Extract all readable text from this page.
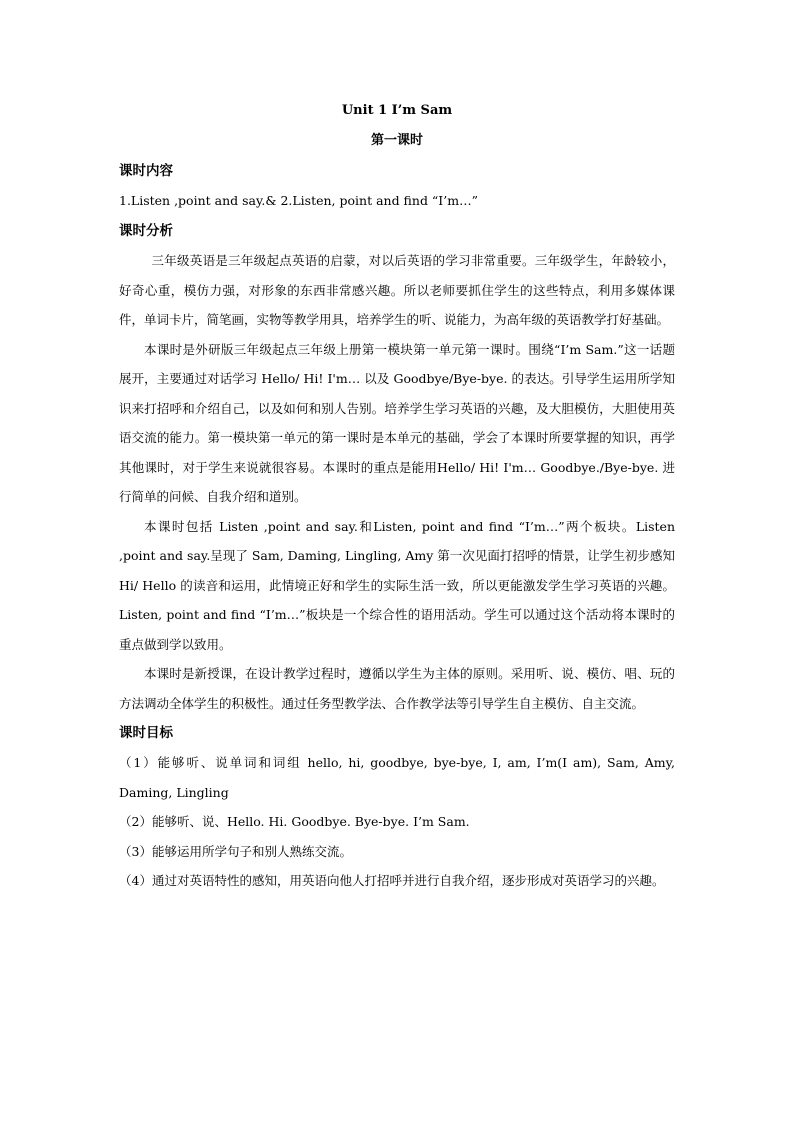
Unit 1 I’m Sam

第一课时

课时内容

1.Listen ,point and say.& 2.Listen, point and find “I’m…”

课时分析

三年级英语是三年级起点英语的启蒙，对以后英语的学习非常重要。三年级学生，年龄较小，好奇心重，模仿力强，对形象的东西非常感兴趣。所以老师要抓住学生的这些特点，利用多媒体课件，单词卡片，简笔画，实物等教学用具，培养学生的听、说能力，为高年级的英语教学打好基础。

本课时是外研版三年级起点三年级上册第一模块第一单元第一课时。围绕“I’m Sam.”这一话题展开，主要通过对话学习 Hello/ Hi! I'm… 以及 Goodbye/Bye-bye. 的表达。引导学生运用所学知识来打招呼和介绍自己，以及如何和别人告别。培养学生学习英语的兴趣，及大胆模仿，大胆使用英语交流的能力。第一模块第一单元的第一课时是本单元的基础，学会了本课时所要掌握的知识，再学其他课时，对于学生来说就很容易。本课时的重点是能用Hello/ Hi! I'm… Goodbye./Bye-bye. 进行简单的问候、自我介绍和道别。

本课时包括 Listen ,point and say.和Listen, point and find “I’m…”两个板块。Listen ,point and say.呈现了 Sam, Daming, Lingling, Amy 第一次见面打招呼的情景，让学生初步感知 Hi/ Hello 的读音和运用，此情境正好和学生的实际生活一致，所以更能激发学生学习英语的兴趣。Listen, point and find “I’m…”板块是一个综合性的语用活动。学生可以通过这个活动将本课时的重点做到学以致用。

本课时是新授课，在设计教学过程时，遵循以学生为主体的原则。采用听、说、模仿、唱、玩的方法调动全体学生的积极性。通过任务型教学法、合作教学法等引导学生自主模仿、自主交流。

课时目标

（1）能够听、说单词和词组 hello, hi, goodbye, bye-bye, I, am, I’m(I am), Sam, Amy, Daming, Lingling

（2）能够听、说、Hello. Hi. Goodbye. Bye-bye. I’m Sam.

（3）能够运用所学句子和别人熟练交流。

（4）通过对英语特性的感知，用英语向他人打招呼并进行自我介绍，逐步形成对英语学习的兴趣。
